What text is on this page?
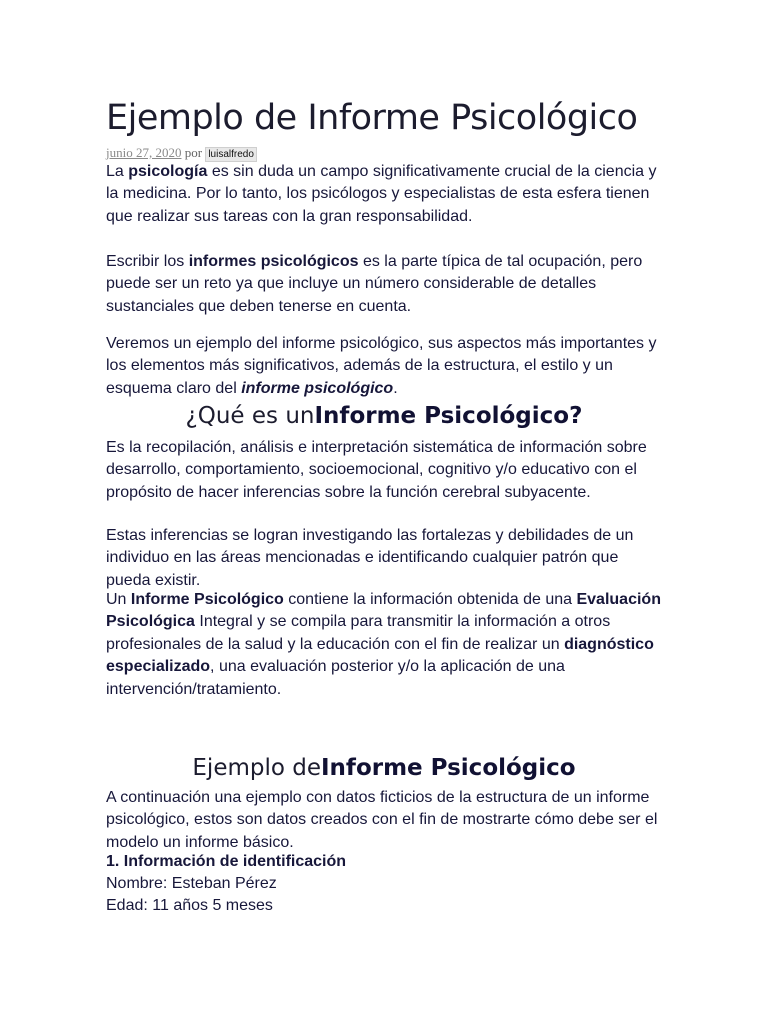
Ejemplo de Informe Psicológico
junio 27, 2020 por luisalfredo

La psicología es sin duda un campo significativamente crucial de la ciencia y la medicina. Por lo tanto, los psicólogos y especialistas de esta esfera tienen que realizar sus tareas con la gran responsabilidad.

Escribir los informes psicológicos es la parte típica de tal ocupación, pero puede ser un reto ya que incluye un número considerable de detalles sustanciales que deben tenerse en cuenta.

Veremos un ejemplo del informe psicológico, sus aspectos más importantes y los elementos más significativos, además de la estructura, el estilo y un esquema claro del informe psicológico.

¿Qué es unInforme Psicológico?

Es la recopilación, análisis e interpretación sistemática de información sobre desarrollo, comportamiento, socioemocional, cognitivo y/o educativo con el propósito de hacer inferencias sobre la función cerebral subyacente.

Estas inferencias se logran investigando las fortalezas y debilidades de un individuo en las áreas mencionadas e identificando cualquier patrón que pueda existir.

Un Informe Psicológico contiene la información obtenida de una Evaluación Psicológica Integral y se compila para transmitir la información a otros profesionales de la salud y la educación con el fin de realizar un diagnóstico especializado, una evaluación posterior y/o la aplicación de una intervención/tratamiento.

Ejemplo deInforme Psicológico

A continuación una ejemplo con datos ficticios de la estructura de un informe psicológico, estos son datos creados con el fin de mostrarte cómo debe ser el modelo un informe básico.

1. Información de identificación

Nombre: Esteban Pérez

Edad: 11 años 5 meses
